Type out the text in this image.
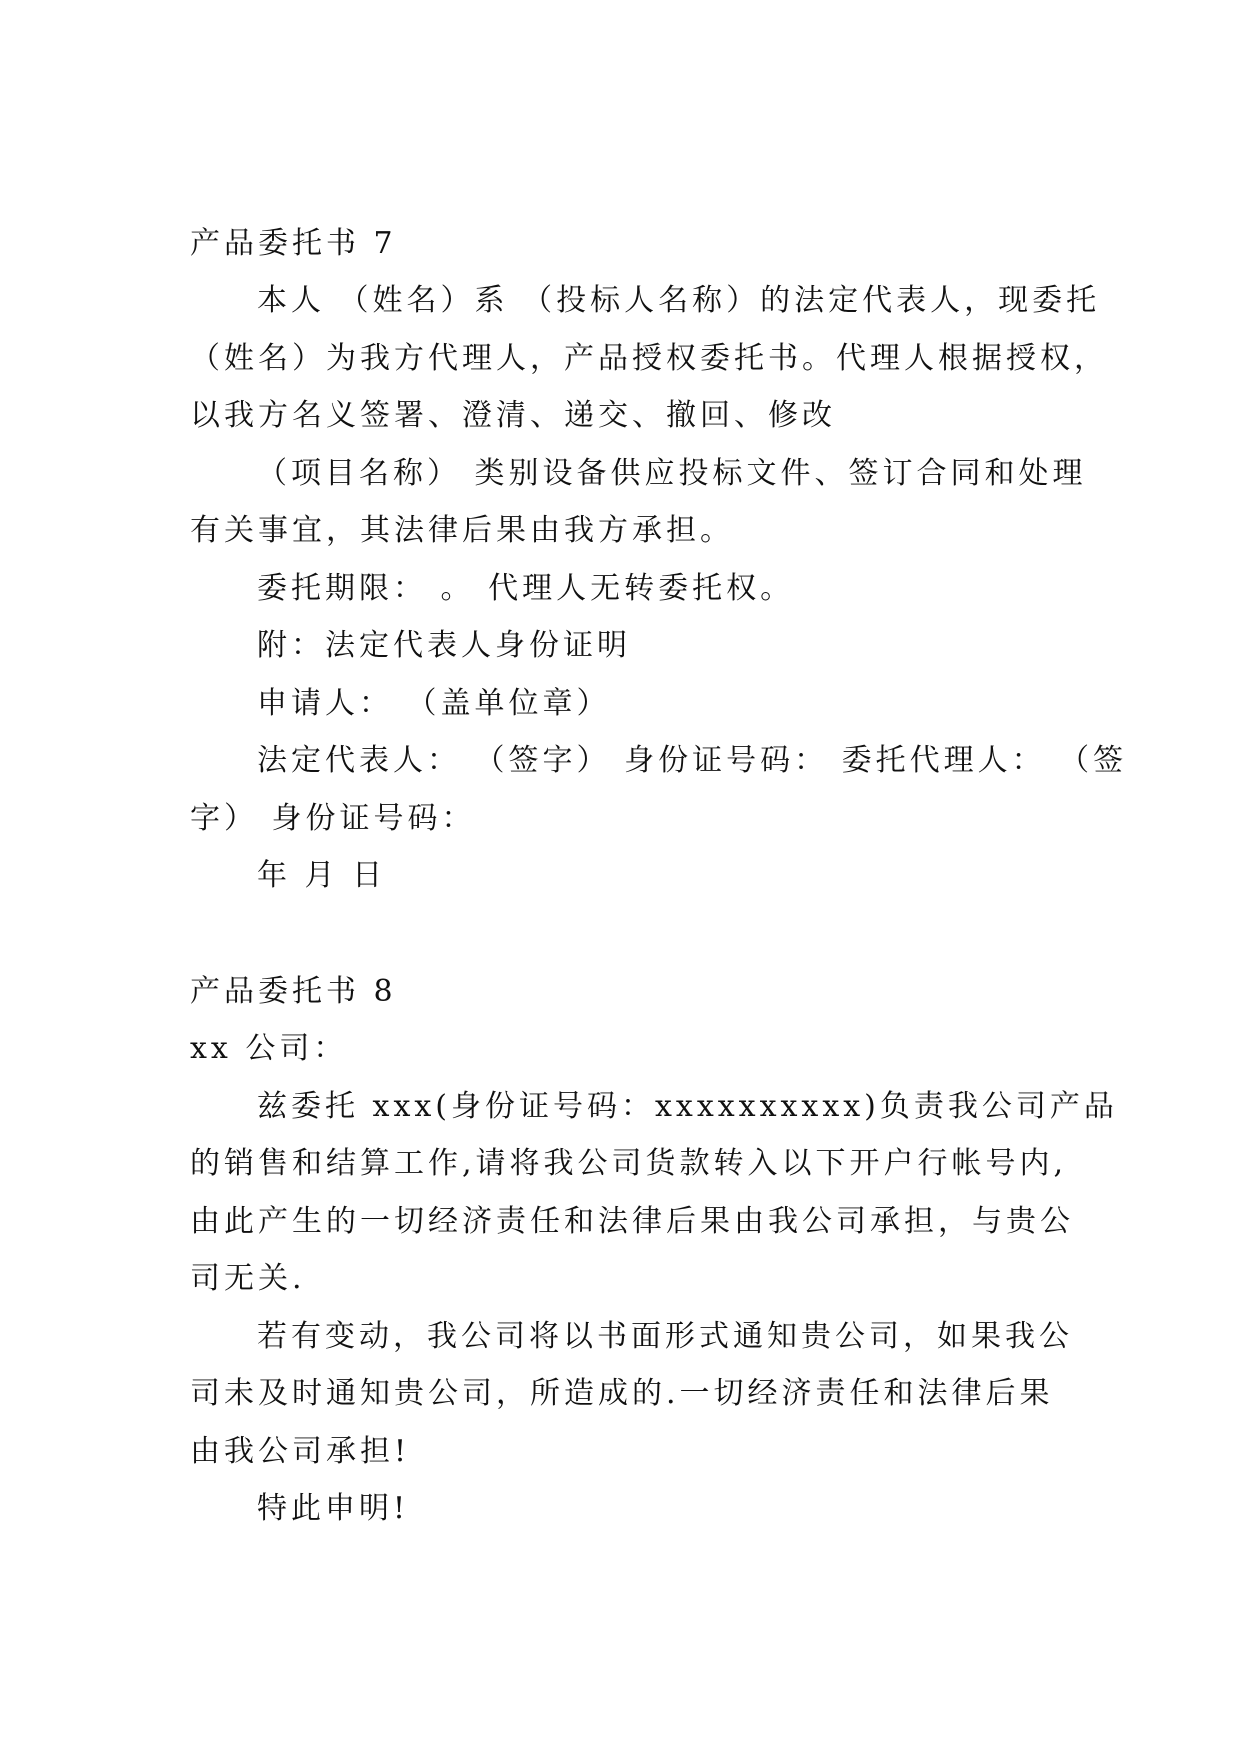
产品委托书 7
本人 （姓名）系 （投标人名称）的法定代表人，现委托
（姓名）为我方代理人，产品授权委托书。代理人根据授权，
以我方名义签署、澄清、递交、撤回、修改
（项目名称） 类别设备供应投标文件、签订合同和处理
有关事宜，其法律后果由我方承担。
委托期限： 。 代理人无转委托权。
附：法定代表人身份证明
申请人： （盖单位章）
法定代表人： （签字） 身份证号码： 委托代理人： （签
字） 身份证号码：
年 月 日
产品委托书 8
xx 公司：
兹委托 xxx(身份证号码：xxxxxxxxxx)负责我公司产品
的销售和结算工作,请将我公司货款转入以下开户行帐号内,
由此产生的一切经济责任和法律后果由我公司承担，与贵公
司无关.
若有变动，我公司将以书面形式通知贵公司，如果我公
司未及时通知贵公司，所造成的.一切经济责任和法律后果
由我公司承担!
特此申明!
